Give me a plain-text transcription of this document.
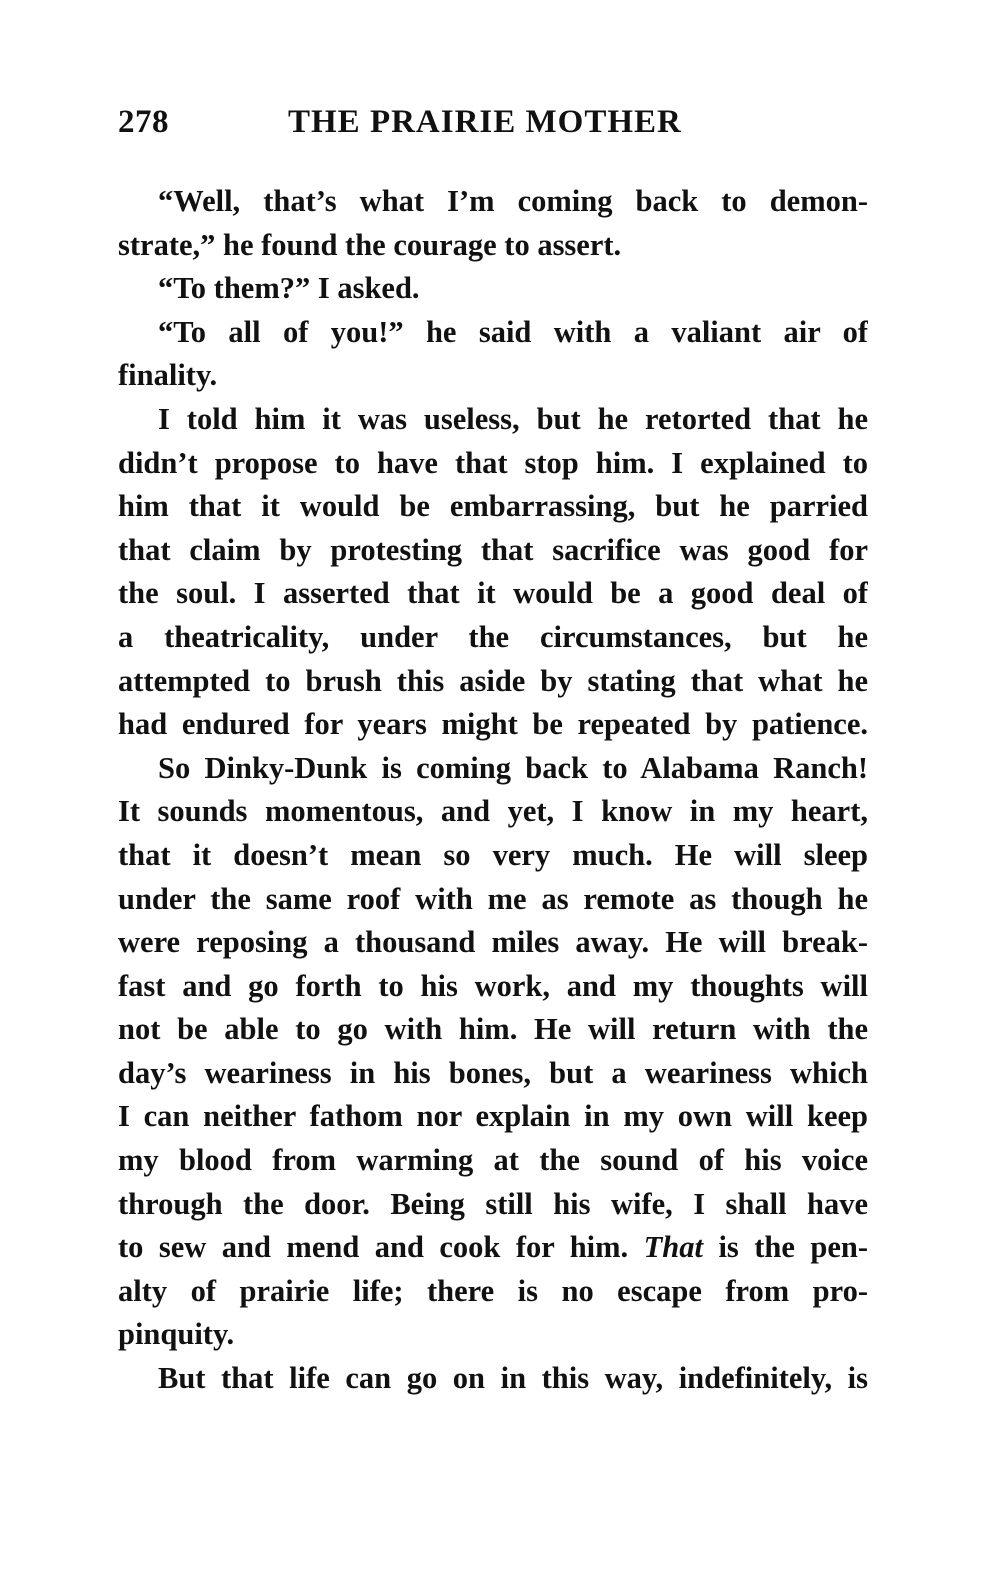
278	THE PRAIRIE MOTHER
“Well, that’s what I’m coming back to demon-
strate,” he found the courage to assert.
“To them?” I asked.
“To all of you!” he said with a valiant air of
finality.
I told him it was useless, but he retorted that he
didn’t propose to have that stop him. I explained to
him that it would be embarrassing, but he parried
that claim by protesting that sacrifice was good for
the soul. I asserted that it would be a good deal of
a theatricality, under the circumstances, but he
attempted to brush this aside by stating that what he
had endured for years might be repeated by patience.
So Dinky-Dunk is coming back to Alabama Ranch!
It sounds momentous, and yet, I know in my heart,
that it doesn’t mean so very much. He will sleep
under the same roof with me as remote as though he
were reposing a thousand miles away. He will break-
fast and go forth to his work, and my thoughts will
not be able to go with him. He will return with the
day’s weariness in his bones, but a weariness which
I can neither fathom nor explain in my own will keep
my blood from warming at the sound of his voice
through the door. Being still his wife, I shall have
to sew and mend and cook for him. That is the pen-
alty of prairie life; there is no escape from pro-
pinquity.
But that life can go on in this way, indefinitely, is
